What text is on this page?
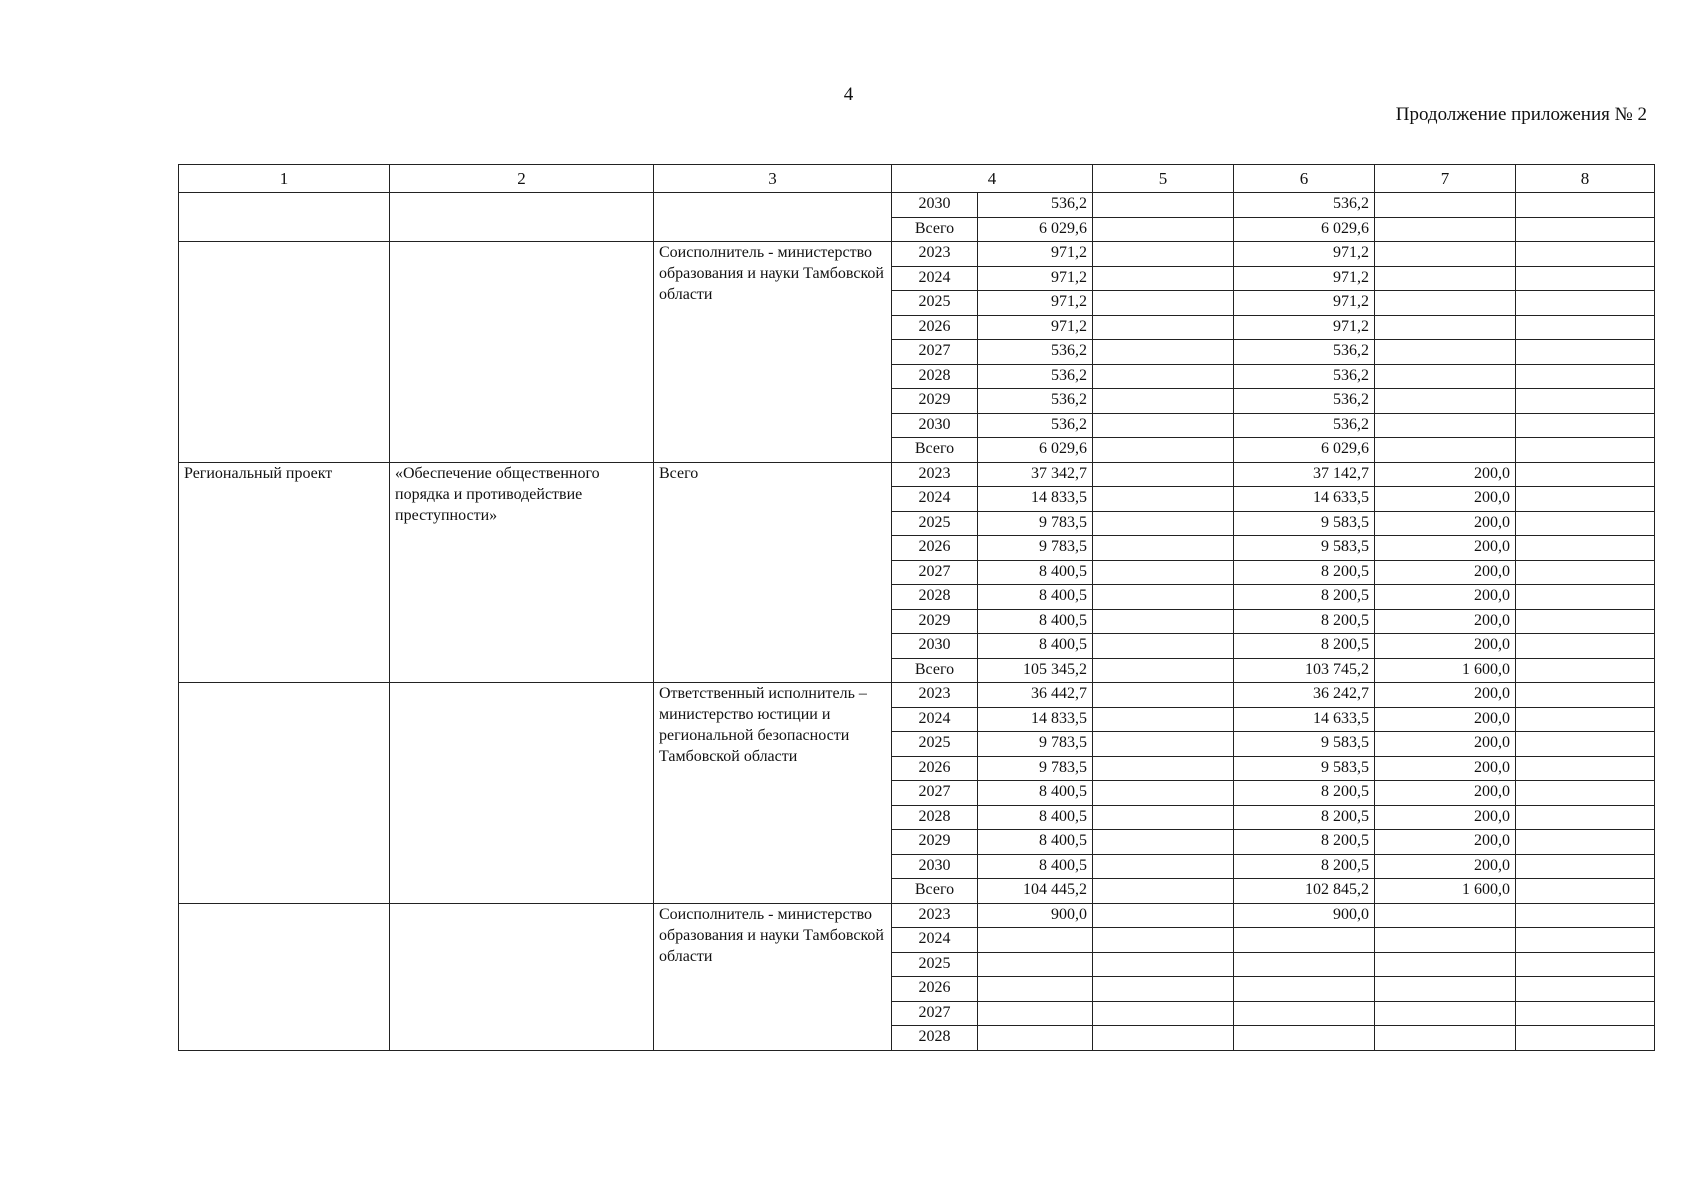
4
Продолжение приложения № 2
1	2	3	4		5	6	7	8
			2030	536,2		536,2		
			Всего	6 029,6		6 029,6		
		Соисполнитель - министерство образования и науки Тамбовской области	2023	971,2		971,2		
			2024	971,2		971,2		
			2025	971,2		971,2		
			2026	971,2		971,2		
			2027	536,2		536,2		
			2028	536,2		536,2		
			2029	536,2		536,2		
			2030	536,2		536,2		
			Всего	6 029,6		6 029,6		
Региональный проект	«Обеспечение общественного порядка и противодействие преступности»	Всего	2023	37 342,7		37 142,7	200,0	
			2024	14 833,5		14 633,5	200,0	
			2025	9 783,5		9 583,5	200,0	
			2026	9 783,5		9 583,5	200,0	
			2027	8 400,5		8 200,5	200,0	
			2028	8 400,5		8 200,5	200,0	
			2029	8 400,5		8 200,5	200,0	
			2030	8 400,5		8 200,5	200,0	
			Всего	105 345,2		103 745,2	1 600,0	
		Ответственный исполнитель – министерство юстиции и региональной безопасности Тамбовской области	2023	36 442,7		36 242,7	200,0	
			2024	14 833,5		14 633,5	200,0	
			2025	9 783,5		9 583,5	200,0	
			2026	9 783,5		9 583,5	200,0	
			2027	8 400,5		8 200,5	200,0	
			2028	8 400,5		8 200,5	200,0	
			2029	8 400,5		8 200,5	200,0	
			2030	8 400,5		8 200,5	200,0	
			Всего	104 445,2		102 845,2	1 600,0	
		Соисполнитель - министерство образования и науки Тамбовской области	2023	900,0		900,0		
			2024					
			2025					
			2026					
			2027					
			2028					
